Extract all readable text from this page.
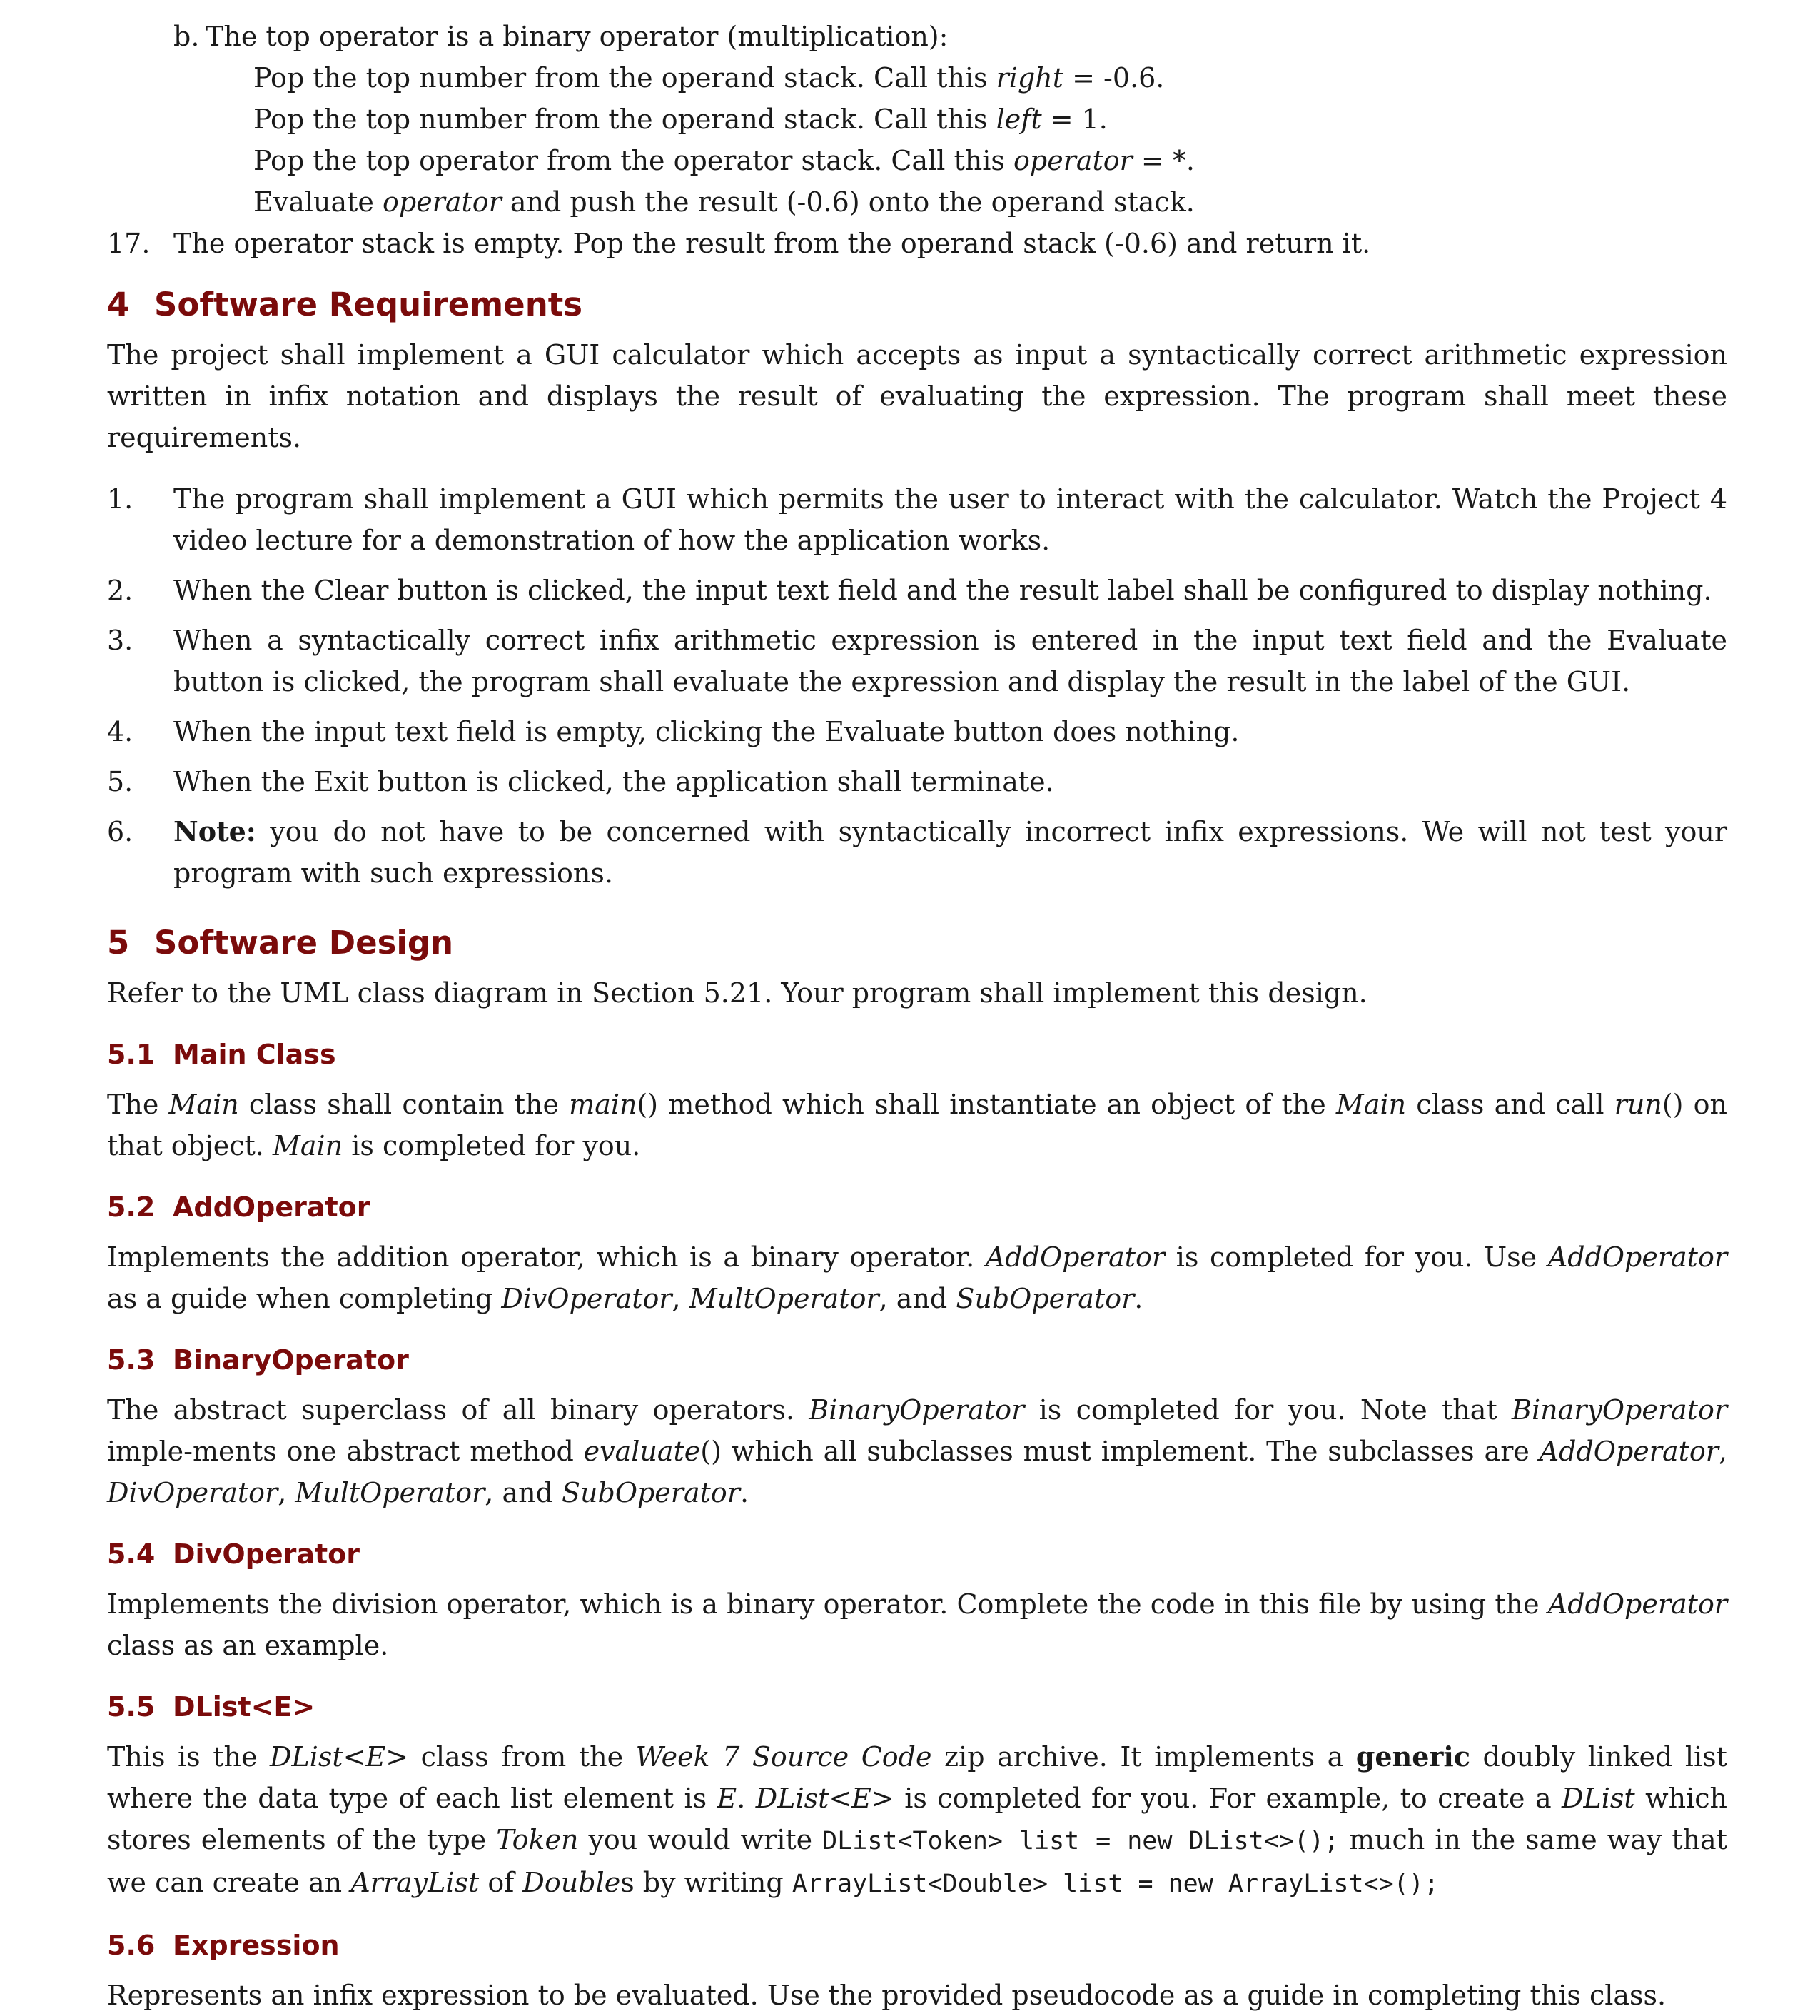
b. The top operator is a binary operator (multiplication):
Pop the top number from the operand stack. Call this right = -0.6.
Pop the top number from the operand stack. Call this left = 1.
Pop the top operator from the operator stack. Call this operator = *.
Evaluate operator and push the result (-0.6) onto the operand stack.
17. The operator stack is empty. Pop the result from the operand stack (-0.6) and return it.
4 Software Requirements

The project shall implement a GUI calculator which accepts as input a syntactically correct arithmetic expression written in infix notation and displays the result of evaluating the expression. The program shall meet these requirements.

1. The program shall implement a GUI which permits the user to interact with the calculator. Watch the Project 4 video lecture for a demonstration of how the application works.
2. When the Clear button is clicked, the input text field and the result label shall be configured to display nothing.
3. When a syntactically correct infix arithmetic expression is entered in the input text field and the Evaluate button is clicked, the program shall evaluate the expression and display the result in the label of the GUI.
4. When the input text field is empty, clicking the Evaluate button does nothing.
5. When the Exit button is clicked, the application shall terminate.
6. Note: you do not have to be concerned with syntactically incorrect infix expressions. We will not test your program with such expressions.
5 Software Design

Refer to the UML class diagram in Section 5.21. Your program shall implement this design.

5.1 Main Class

The Main class shall contain the main() method which shall instantiate an object of the Main class and call run() on that object. Main is completed for you.

5.2 AddOperator

Implements the addition operator, which is a binary operator. AddOperator is completed for you. Use AddOperator as a guide when completing DivOperator, MultOperator, and SubOperator.

5.3 BinaryOperator

The abstract superclass of all binary operators. BinaryOperator is completed for you. Note that BinaryOperator imple-ments one abstract method evaluate() which all subclasses must implement. The subclasses are AddOperator, DivOperator, MultOperator, and SubOperator.

5.4 DivOperator

Implements the division operator, which is a binary operator. Complete the code in this file by using the AddOperator class as an example.

5.5 DList<E>

This is the DList<E> class from the Week 7 Source Code zip archive. It implements a generic doubly linked list where the data type of each list element is E. DList<E> is completed for you. For example, to create a DList which stores elements of the type Token you would write DList<Token> list = new DList<>(); much in the same way that we can create an ArrayList of Doubles by writing ArrayList<Double> list = new ArrayList<>();

5.6 Expression

Represents an infix expression to be evaluated. Use the provided pseudocode as a guide in completing this class.
